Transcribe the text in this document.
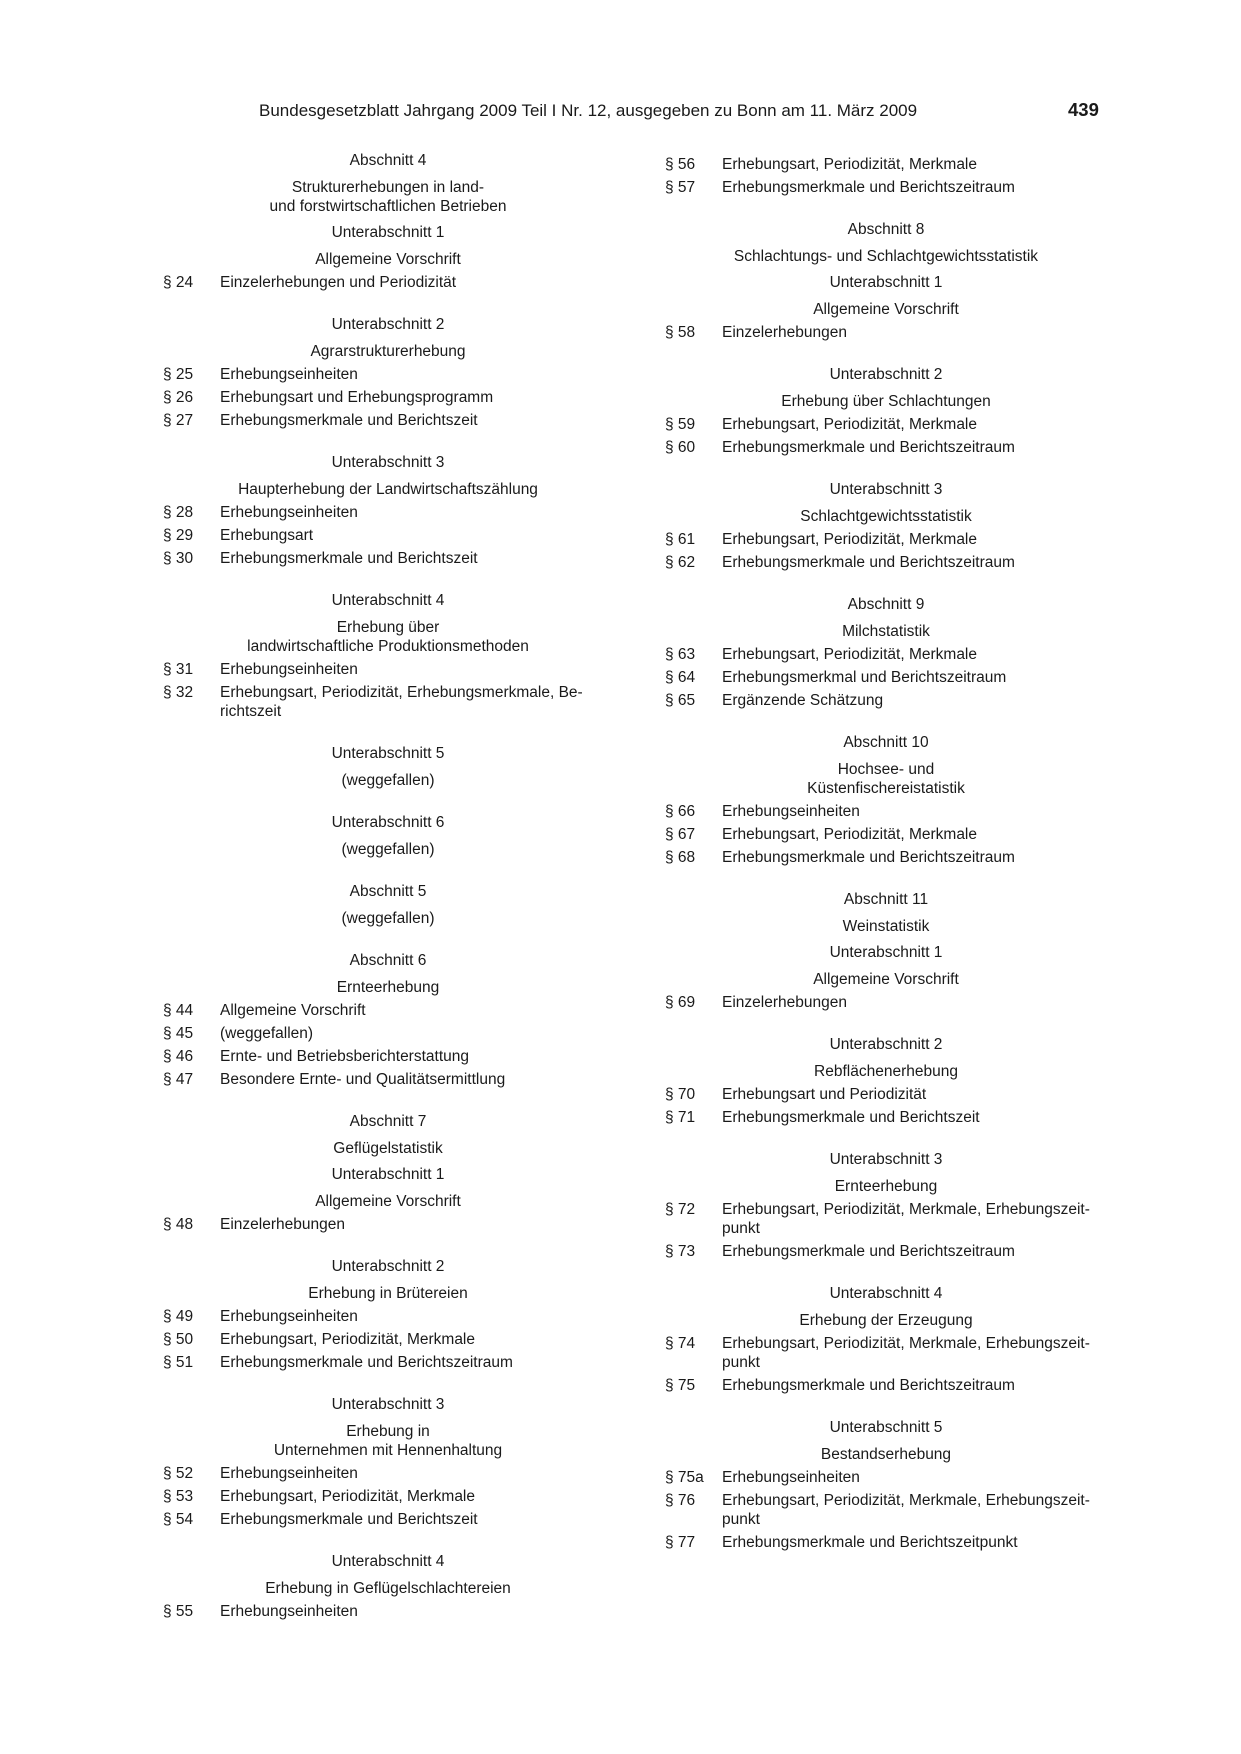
Bundesgesetzblatt Jahrgang 2009 Teil I Nr. 12, ausgegeben zu Bonn am 11. März 2009	439
Abschnitt 4
Strukturerhebungen in land-
und forstwirtschaftlichen Betrieben
Unterabschnitt 1
Allgemeine Vorschrift
§ 24	Einzelerhebungen und Periodizität
Unterabschnitt 2
Agrarstrukturerhebung
§ 25	Erhebungseinheiten
§ 26	Erhebungsart und Erhebungsprogramm
§ 27	Erhebungsmerkmale und Berichtszeit
Unterabschnitt 3
Haupterhebung der Landwirtschaftszählung
§ 28	Erhebungseinheiten
§ 29	Erhebungsart
§ 30	Erhebungsmerkmale und Berichtszeit
Unterabschnitt 4
Erhebung über
landwirtschaftliche Produktionsmethoden
§ 31	Erhebungseinheiten
§ 32	Erhebungsart, Periodizität, Erhebungsmerkmale, Be-
richtszeit
Unterabschnitt 5
(weggefallen)
Unterabschnitt 6
(weggefallen)
Abschnitt 5
(weggefallen)
Abschnitt 6
Ernteerhebung
§ 44	Allgemeine Vorschrift
§ 45	(weggefallen)
§ 46	Ernte- und Betriebsberichterstattung
§ 47	Besondere Ernte- und Qualitätsermittlung
Abschnitt 7
Geflügelstatistik
Unterabschnitt 1
Allgemeine Vorschrift
§ 48	Einzelerhebungen
Unterabschnitt 2
Erhebung in Brütereien
§ 49	Erhebungseinheiten
§ 50	Erhebungsart, Periodizität, Merkmale
§ 51	Erhebungsmerkmale und Berichtszeitraum
Unterabschnitt 3
Erhebung in
Unternehmen mit Hennenhaltung
§ 52	Erhebungseinheiten
§ 53	Erhebungsart, Periodizität, Merkmale
§ 54	Erhebungsmerkmale und Berichtszeit
Unterabschnitt 4
Erhebung in Geflügelschlachtereien
§ 55	Erhebungseinheiten
§ 56	Erhebungsart, Periodizität, Merkmale
§ 57	Erhebungsmerkmale und Berichtszeitraum
Abschnitt 8
Schlachtungs- und Schlachtgewichtsstatistik
Unterabschnitt 1
Allgemeine Vorschrift
§ 58	Einzelerhebungen
Unterabschnitt 2
Erhebung über Schlachtungen
§ 59	Erhebungsart, Periodizität, Merkmale
§ 60	Erhebungsmerkmale und Berichtszeitraum
Unterabschnitt 3
Schlachtgewichtsstatistik
§ 61	Erhebungsart, Periodizität, Merkmale
§ 62	Erhebungsmerkmale und Berichtszeitraum
Abschnitt 9
Milchstatistik
§ 63	Erhebungsart, Periodizität, Merkmale
§ 64	Erhebungsmerkmal und Berichtszeitraum
§ 65	Ergänzende Schätzung
Abschnitt 10
Hochsee- und
Küstenfischereistatistik
§ 66	Erhebungseinheiten
§ 67	Erhebungsart, Periodizität, Merkmale
§ 68	Erhebungsmerkmale und Berichtszeitraum
Abschnitt 11
Weinstatistik
Unterabschnitt 1
Allgemeine Vorschrift
§ 69	Einzelerhebungen
Unterabschnitt 2
Rebflächenerhebung
§ 70	Erhebungsart und Periodizität
§ 71	Erhebungsmerkmale und Berichtszeit
Unterabschnitt 3
Ernteerhebung
§ 72	Erhebungsart, Periodizität, Merkmale, Erhebungszeit-
punkt
§ 73	Erhebungsmerkmale und Berichtszeitraum
Unterabschnitt 4
Erhebung der Erzeugung
§ 74	Erhebungsart, Periodizität, Merkmale, Erhebungszeit-
punkt
§ 75	Erhebungsmerkmale und Berichtszeitraum
Unterabschnitt 5
Bestandserhebung
§ 75a	Erhebungseinheiten
§ 76	Erhebungsart, Periodizität, Merkmale, Erhebungszeit-
punkt
§ 77	Erhebungsmerkmale und Berichtszeitpunkt
